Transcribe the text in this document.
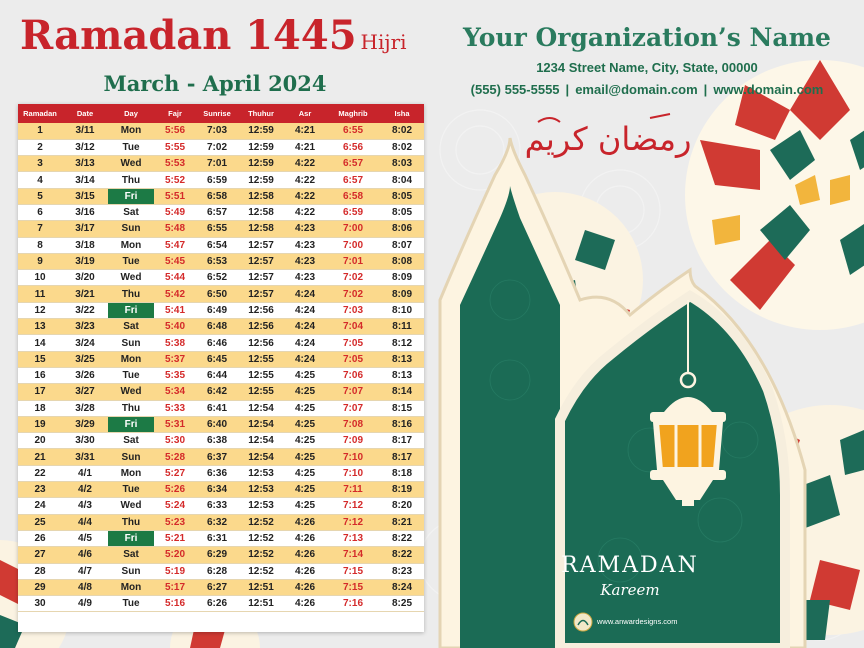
Ramadan 1445 Hijri
March - April 2024
Your Organization’s Name
1234 Street Name, City, State, 00000
(555) 555-5555 | email@domain.com | www.domain.com
Ramadan	Date	Day	Fajr	Sunrise	Thuhur	Asr	Maghrib	Isha
1	3/11	Mon	5:56	7:03	12:59	4:21	6:55	8:02
2	3/12	Tue	5:55	7:02	12:59	4:21	6:56	8:02
3	3/13	Wed	5:53	7:01	12:59	4:22	6:57	8:03
4	3/14	Thu	5:52	6:59	12:59	4:22	6:57	8:04
5	3/15	Fri	5:51	6:58	12:58	4:22	6:58	8:05
6	3/16	Sat	5:49	6:57	12:58	4:22	6:59	8:05
7	3/17	Sun	5:48	6:55	12:58	4:23	7:00	8:06
8	3/18	Mon	5:47	6:54	12:57	4:23	7:00	8:07
9	3/19	Tue	5:45	6:53	12:57	4:23	7:01	8:08
10	3/20	Wed	5:44	6:52	12:57	4:23	7:02	8:09
11	3/21	Thu	5:42	6:50	12:57	4:24	7:02	8:09
12	3/22	Fri	5:41	6:49	12:56	4:24	7:03	8:10
13	3/23	Sat	5:40	6:48	12:56	4:24	7:04	8:11
14	3/24	Sun	5:38	6:46	12:56	4:24	7:05	8:12
15	3/25	Mon	5:37	6:45	12:55	4:24	7:05	8:13
16	3/26	Tue	5:35	6:44	12:55	4:25	7:06	8:13
17	3/27	Wed	5:34	6:42	12:55	4:25	7:07	8:14
18	3/28	Thu	5:33	6:41	12:54	4:25	7:07	8:15
19	3/29	Fri	5:31	6:40	12:54	4:25	7:08	8:16
20	3/30	Sat	5:30	6:38	12:54	4:25	7:09	8:17
21	3/31	Sun	5:28	6:37	12:54	4:25	7:10	8:17
22	4/1	Mon	5:27	6:36	12:53	4:25	7:10	8:18
23	4/2	Tue	5:26	6:34	12:53	4:25	7:11	8:19
24	4/3	Wed	5:24	6:33	12:53	4:25	7:12	8:20
25	4/4	Thu	5:23	6:32	12:52	4:26	7:12	8:21
26	4/5	Fri	5:21	6:31	12:52	4:26	7:13	8:22
27	4/6	Sat	5:20	6:29	12:52	4:26	7:14	8:22
28	4/7	Sun	5:19	6:28	12:52	4:26	7:15	8:23
29	4/8	Mon	5:17	6:27	12:51	4:26	7:15	8:24
30	4/9	Tue	5:16	6:26	12:51	4:26	7:16	8:25
رمضان كريم
RAMADAN
Kareem
www.anwardesigns.com
